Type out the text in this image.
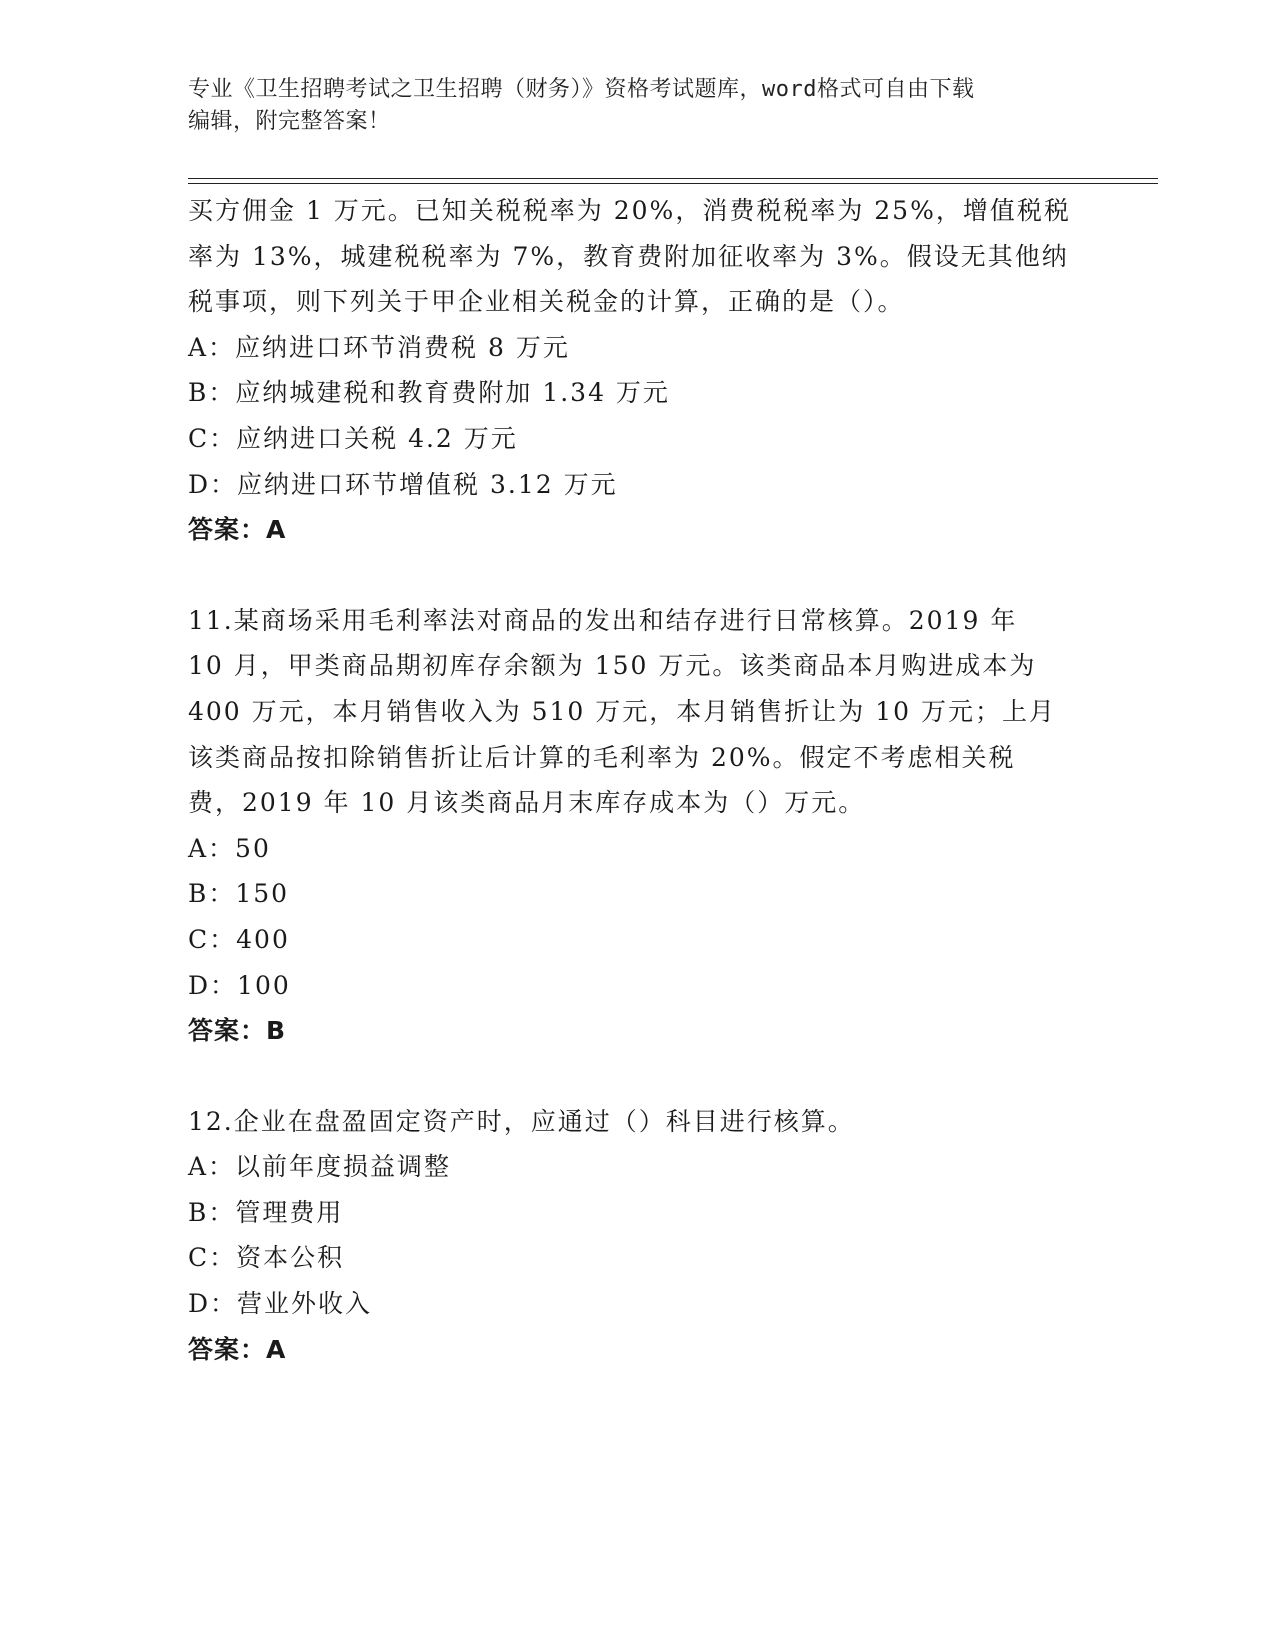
专业《卫生招聘考试之卫生招聘（财务）》资格考试题库，word格式可自由下载
编辑，附完整答案！
买方佣金 1 万元。已知关税税率为 20%，消费税税率为 25%，增值税税
率为 13%，城建税税率为 7%，教育费附加征收率为 3%。假设无其他纳
税事项，则下列关于甲企业相关税金的计算，正确的是（）。
A：应纳进口环节消费税 8 万元
B：应纳城建税和教育费附加 1.34 万元
C：应纳进口关税 4.2 万元
D：应纳进口环节增值税 3.12 万元
答案：A
11.某商场采用毛利率法对商品的发出和结存进行日常核算。2019 年
10 月，甲类商品期初库存余额为 150 万元。该类商品本月购进成本为
400 万元，本月销售收入为 510 万元，本月销售折让为 10 万元；上月
该类商品按扣除销售折让后计算的毛利率为 20%。假定不考虑相关税
费，2019 年 10 月该类商品月末库存成本为（）万元。
A：50
B：150
C：400
D：100
答案：B
12.企业在盘盈固定资产时，应通过（）科目进行核算。
A：以前年度损益调整
B：管理费用
C：资本公积
D：营业外收入
答案：A
